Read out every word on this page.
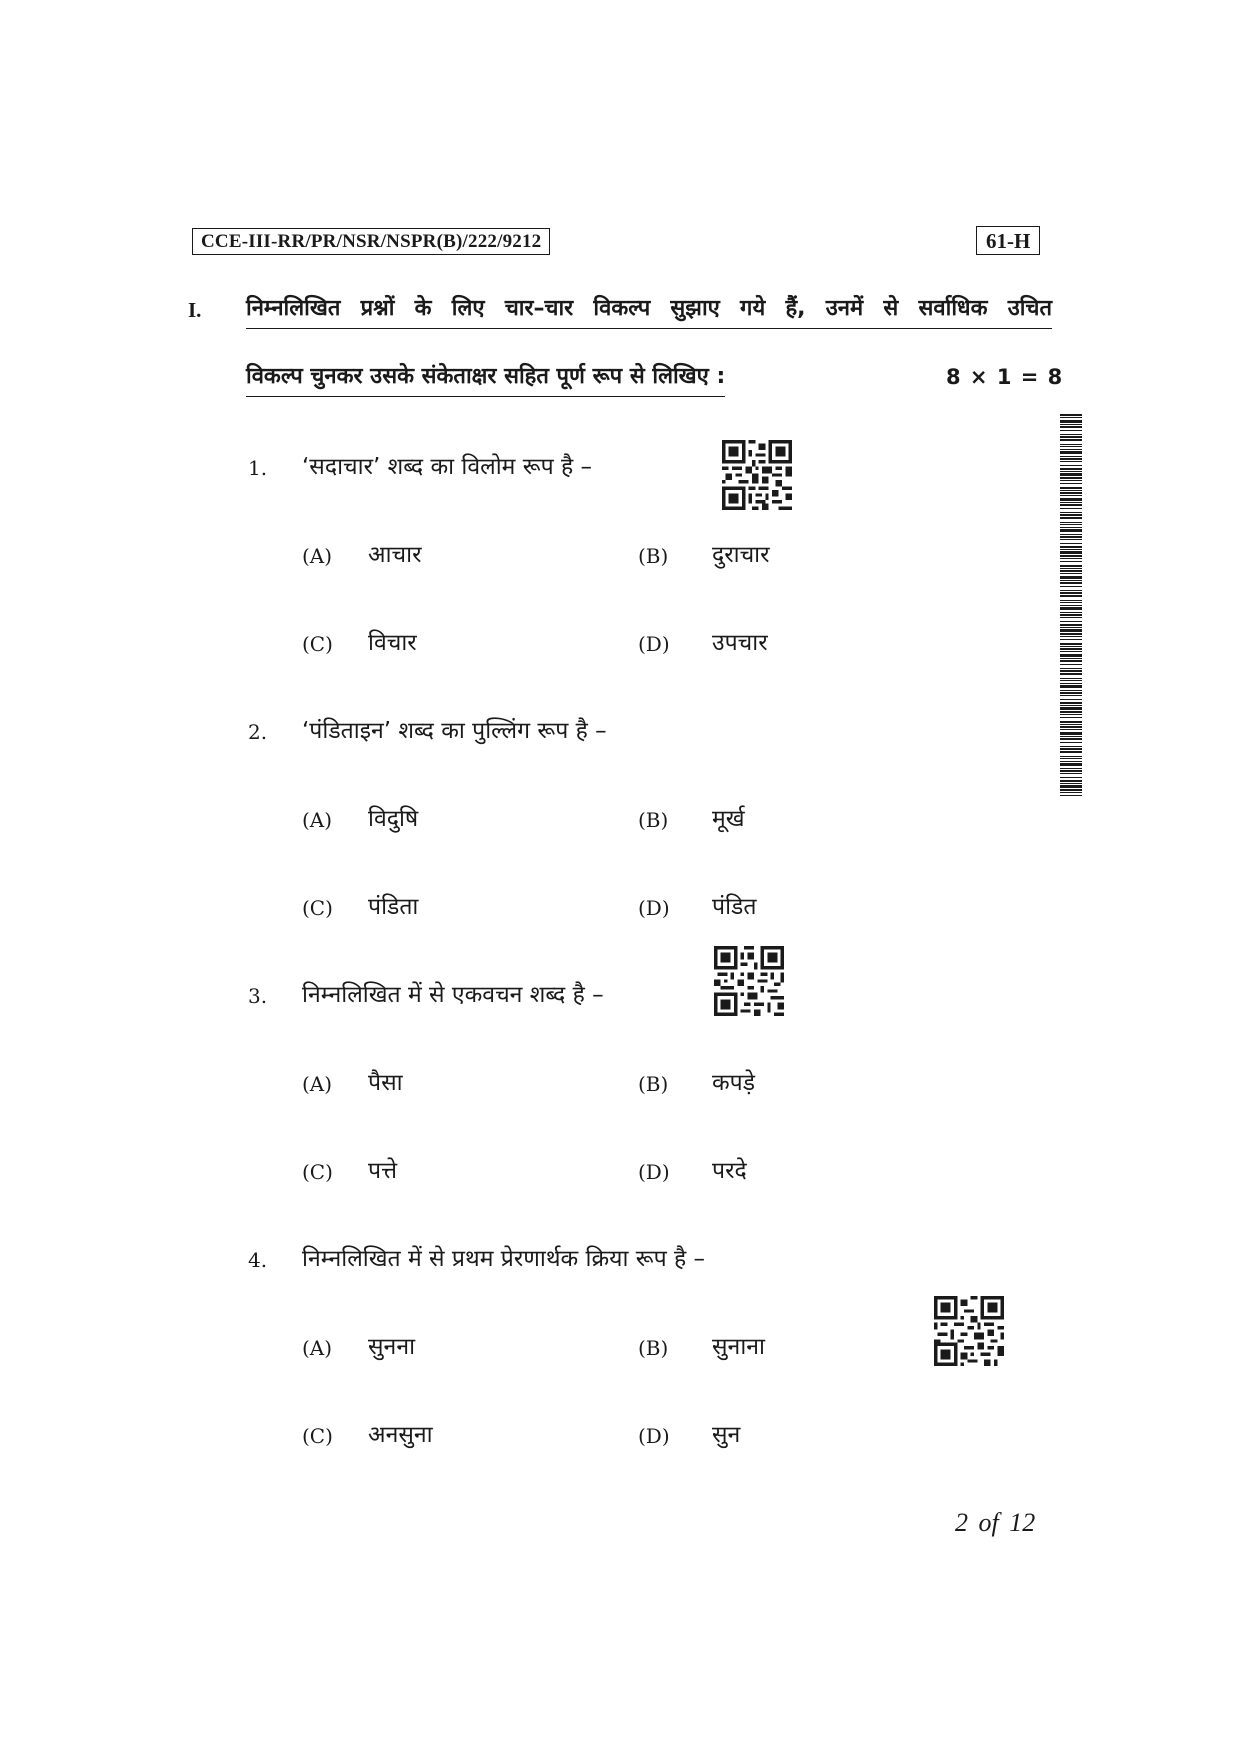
CCE-III-RR/PR/NSR/NSPR(B)/222/9212	61-H
I. निम्नलिखित प्रश्नों के लिए चार–चार विकल्प सुझाए गये हैं, उनमें से सर्वाधिक उचित
विकल्प चुनकर उसके संकेताक्षर सहित पूर्ण रूप से लिखिए :	8 × 1 = 8
1. ‘सदाचार’ शब्द का विलोम रूप है –
(A) आचार	(B) दुराचार
(C) विचार	(D) उपचार
2. ‘पंडिताइन’ शब्द का पुल्लिंग रूप है –
(A) विदुषि	(B) मूर्ख
(C) पंडिता	(D) पंडित
3. निम्नलिखित में से एकवचन शब्द है –
(A) पैसा	(B) कपड़े
(C) पत्ते	(D) परदे
4. निम्नलिखित में से प्रथम प्रेरणार्थक क्रिया रूप है –
(A) सुनना	(B) सुनाना
(C) अनसुना	(D) सुन
2 of 12
